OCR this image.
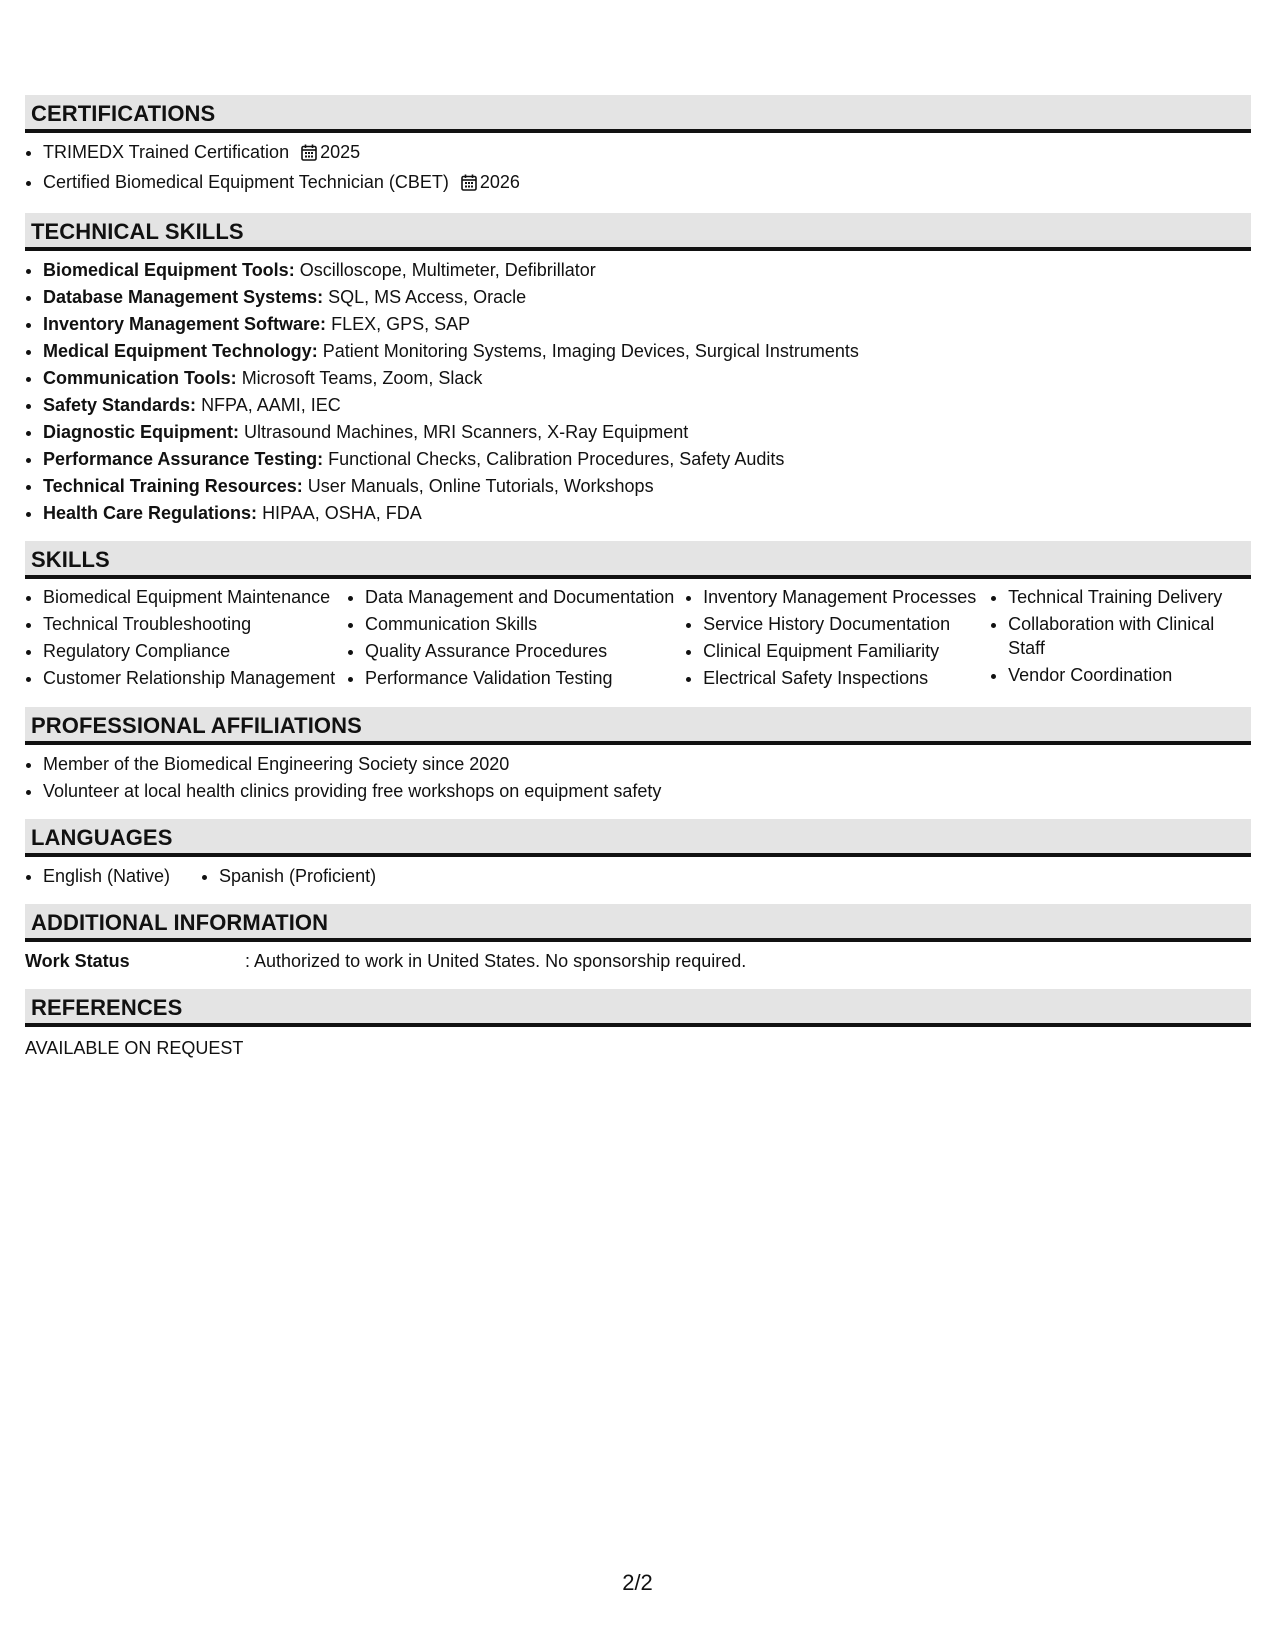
CERTIFICATIONS
• TRIMEDX Trained Certification 2025
• Certified Biomedical Equipment Technician (CBET) 2026
TECHNICAL SKILLS
• Biomedical Equipment Tools: Oscilloscope, Multimeter, Defibrillator
• Database Management Systems: SQL, MS Access, Oracle
• Inventory Management Software: FLEX, GPS, SAP
• Medical Equipment Technology: Patient Monitoring Systems, Imaging Devices, Surgical Instruments
• Communication Tools: Microsoft Teams, Zoom, Slack
• Safety Standards: NFPA, AAMI, IEC
• Diagnostic Equipment: Ultrasound Machines, MRI Scanners, X-Ray Equipment
• Performance Assurance Testing: Functional Checks, Calibration Procedures, Safety Audits
• Technical Training Resources: User Manuals, Online Tutorials, Workshops
• Health Care Regulations: HIPAA, OSHA, FDA
SKILLS
• Biomedical Equipment Maintenance
• Technical Troubleshooting
• Regulatory Compliance
• Customer Relationship Management
• Data Management and Documentation
• Communication Skills
• Quality Assurance Procedures
• Performance Validation Testing
• Inventory Management Processes
• Service History Documentation
• Clinical Equipment Familiarity
• Electrical Safety Inspections
• Technical Training Delivery
• Collaboration with Clinical Staff
• Vendor Coordination
PROFESSIONAL AFFILIATIONS
• Member of the Biomedical Engineering Society since 2020
• Volunteer at local health clinics providing free workshops on equipment safety
LANGUAGES
• English (Native)
•	Spanish (Proficient)
ADDITIONAL INFORMATION
Work Status	: Authorized to work in United States. No sponsorship required.
REFERENCES
AVAILABLE ON REQUEST
2/2
